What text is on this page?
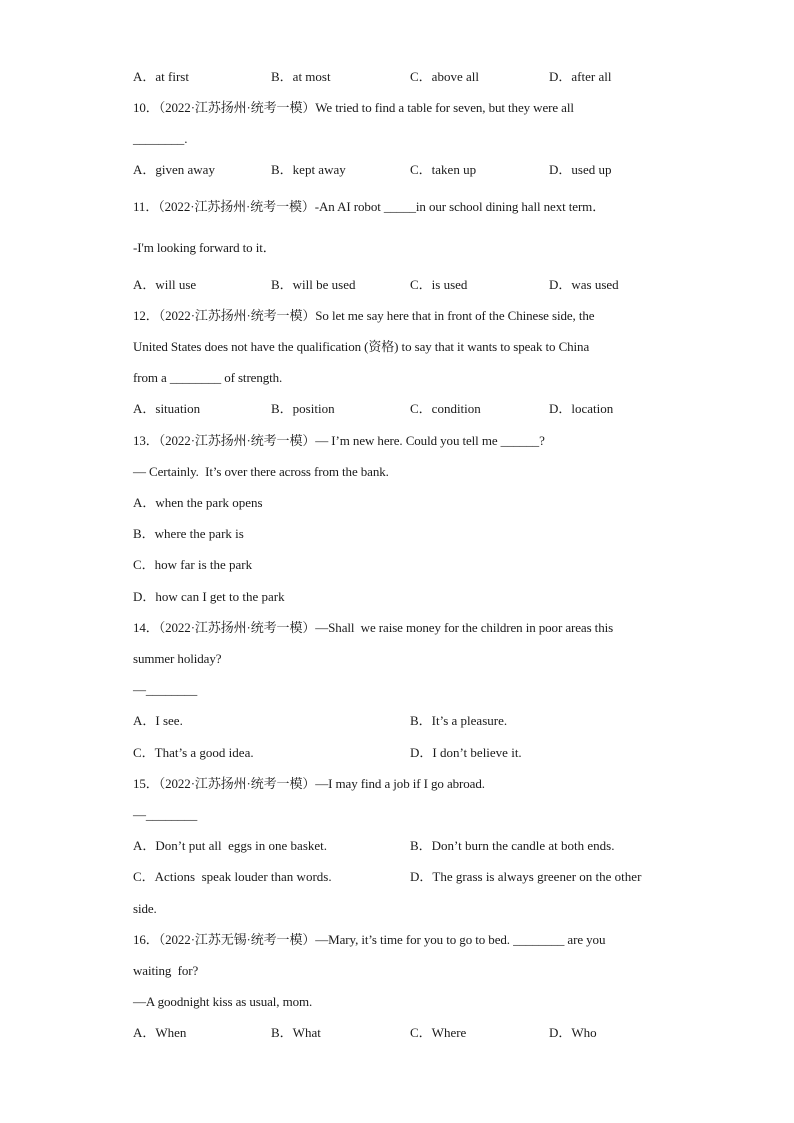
A．at first	B．at most	C．above all	D．after all
10．（2022·江苏扬州·统考一模）We tried to find a table for seven, but they were all
________.
A．given away	B．kept away	C．taken up	D．used up
11．（2022·江苏扬州·统考一模）-An AI robot _____in our school dining hall next term．
-I'm looking forward to it．
A．will use	B．will be used	C．is used	D．was used
12．（2022·江苏扬州·统考一模）So let me say here that in front of the Chinese side, the
United States does not have the qualification (资格) to say that it wants to speak to China
from a ________ of strength.
A．situation	B．position	C．condition	D．location
13．（2022·江苏扬州·统考一模）— I’m new here. Could you tell me ______?
— Certainly.  It’s over there across from the bank.
A．when the park opens
B．where the park is
C．how far is the park
D．how can I get to the park
14．（2022·江苏扬州·统考一模）—Shall  we raise money for the children in poor areas this
summer holiday?
—________
A．I see.	B．It’s a pleasure.
C．That’s a good idea.	D．I don’t believe it.
15．（2022·江苏扬州·统考一模）—I may find a job if I go abroad.
—________
A．Don’t put all  eggs in one basket.	B．Don’t burn the candle at both ends.
C．Actions  speak louder than words.	D．The grass is always greener on the other
side.
16．（2022·江苏无锡·统考一模）—Mary, it’s time for you to go to bed. ________ are you
waiting  for?
—A goodnight kiss as usual, mom.
A．When	B．What	C．Where	D．Who
